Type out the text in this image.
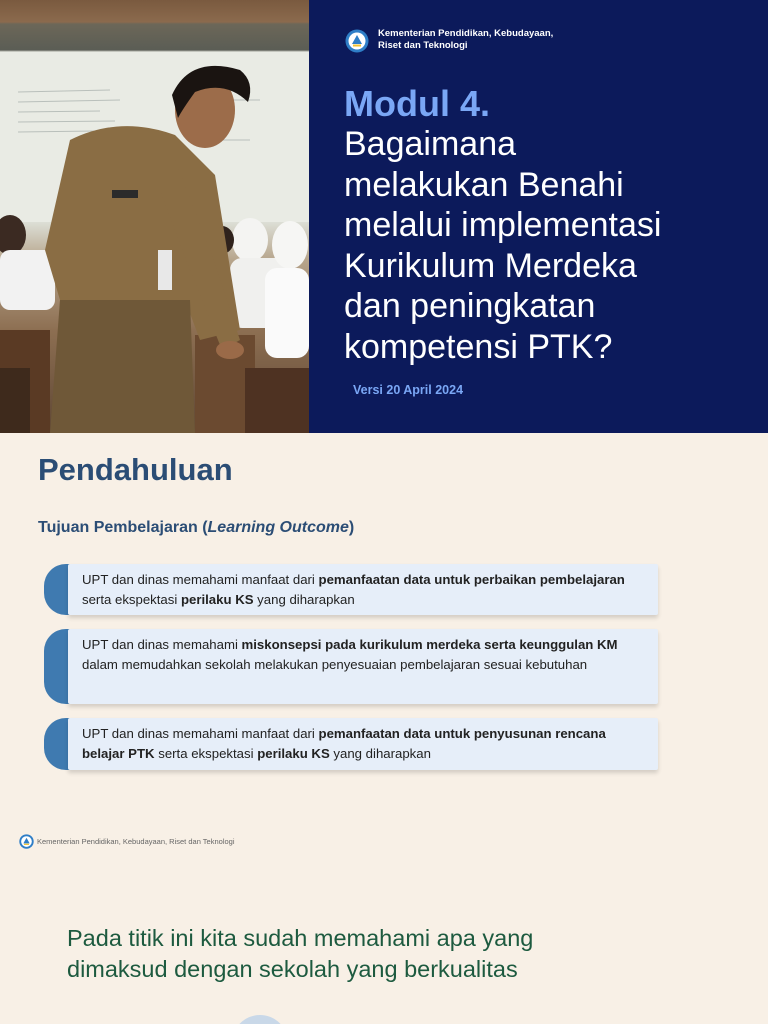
Kementerian Pendidikan, Kebudayaan,
Riset dan Teknologi
Modul 4.
Bagaimana
melakukan Benahi
melalui implementasi
Kurikulum Merdeka
dan peningkatan
kompetensi PTK?
Versi 20 April 2024
Pendahuluan
Tujuan Pembelajaran (Learning Outcome)
UPT dan dinas memahami manfaat dari pemanfaatan data untuk perbaikan pembelajaran serta ekspektasi perilaku KS yang diharapkan
UPT dan dinas memahami miskonsepsi pada kurikulum merdeka serta keunggulan KM dalam memudahkan sekolah melakukan penyesuaian pembelajaran sesuai kebutuhan
UPT dan dinas memahami manfaat dari pemanfaatan data untuk penyusunan rencana belajar PTK serta ekspektasi perilaku KS yang diharapkan
Kementerian Pendidikan, Kebudayaan, Riset dan Teknologi
Pada titik ini kita sudah memahami apa yang
dimaksud dengan sekolah yang berkualitas
